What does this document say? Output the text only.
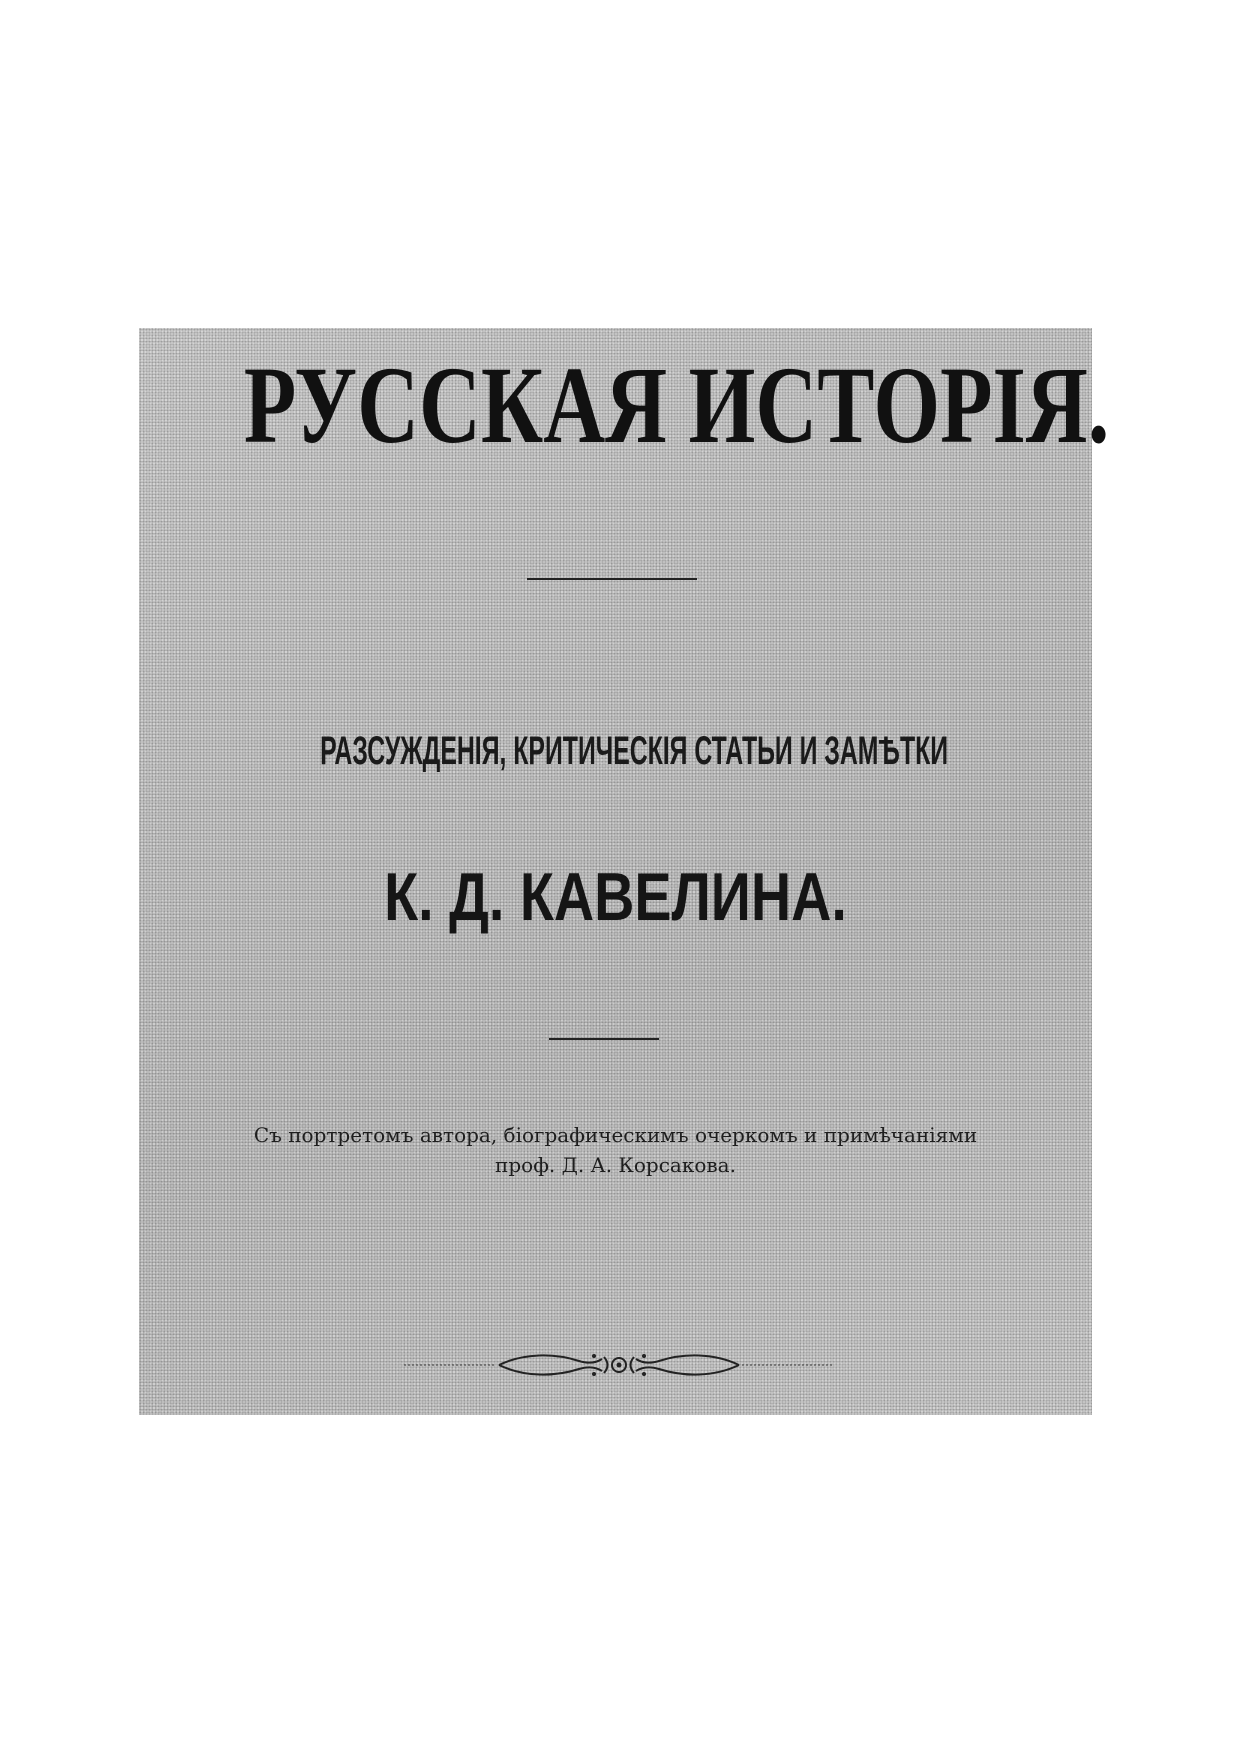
РУССКАЯ ИСТОРІЯ.
РАЗСУЖДЕНІЯ, КРИТИЧЕСКІЯ СТАТЬИ И ЗАМѢТКИ
К. Д. КАВЕЛИНА.
Съ портретомъ автора, біографическимъ очеркомъ и примѣчаніями
проф. Д. А. Корсакова.
